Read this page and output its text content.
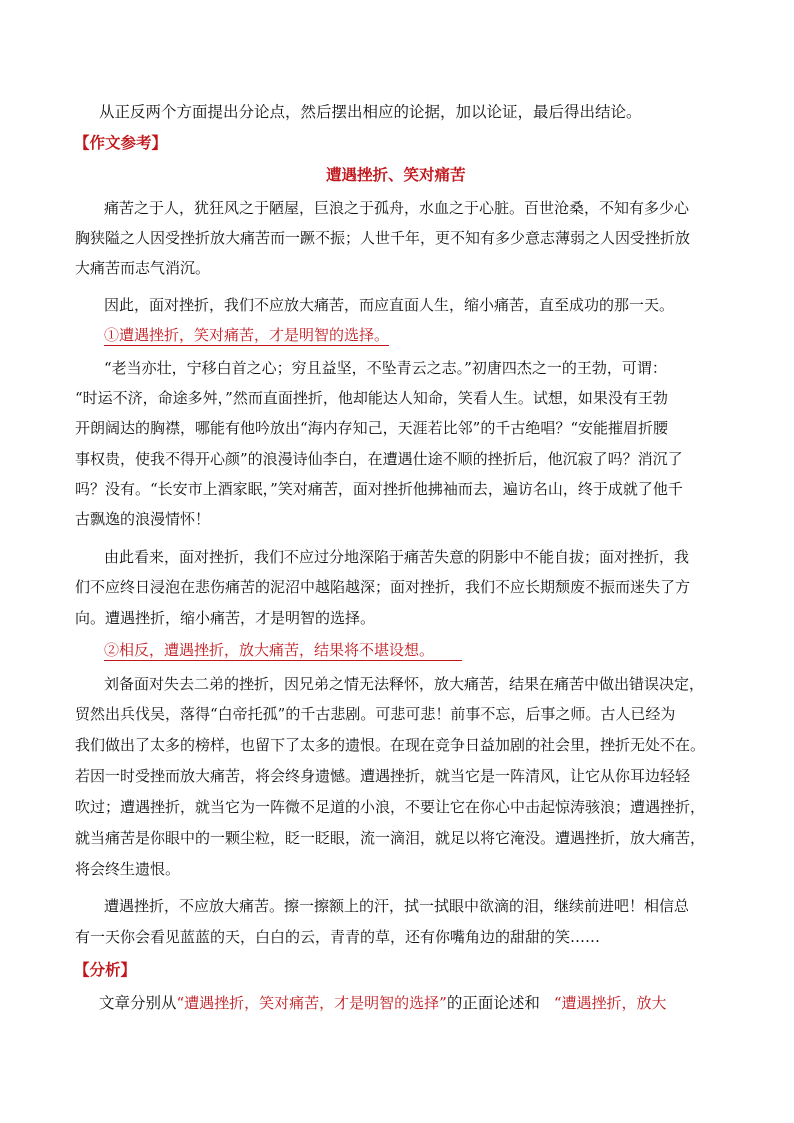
从正反两个方面提出分论点，然后摆出相应的论据，加以论证，最后得出结论。
【作文参考】
遭遇挫折、笑对痛苦
痛苦之于人，犹狂风之于陋屋，巨浪之于孤舟，水血之于心脏。百世沧桑，不知有多少心
胸狭隘之人因受挫折放大痛苦而一蹶不振；人世千年，更不知有多少意志薄弱之人因受挫折放
大痛苦而志气消沉。
因此，面对挫折，我们不应放大痛苦，而应直面人生，缩小痛苦，直至成功的那一天。
①遭遇挫折，笑对痛苦，才是明智的选择。
“老当亦壮，宁移白首之心；穷且益坚，不坠青云之志。”初唐四杰之一的王勃，可谓：
“时运不济，命途多舛，”然而直面挫折，他却能达人知命，笑看人生。试想，如果没有王勃
开朗阔达的胸襟，哪能有他吟放出“海内存知己，天涯若比邻”的千古绝唱？“安能摧眉折腰
事权贵，使我不得开心颜”的浪漫诗仙李白，在遭遇仕途不顺的挫折后，他沉寂了吗？消沉了
吗？没有。“长安市上酒家眠，”笑对痛苦，面对挫折他拂袖而去，遍访名山，终于成就了他千
古飘逸的浪漫情怀！
由此看来，面对挫折，我们不应过分地深陷于痛苦失意的阴影中不能自拔；面对挫折，我
们不应终日浸泡在悲伤痛苦的泥沼中越陷越深；面对挫折，我们不应长期颓废不振而迷失了方
向。遭遇挫折，缩小痛苦，才是明智的选择。
②相反，遭遇挫折，放大痛苦，结果将不堪设想。
刘备面对失去二弟的挫折，因兄弟之情无法释怀，放大痛苦，结果在痛苦中做出错误决定，
贸然出兵伐吴，落得“白帝托孤”的千古悲剧。可悲可悲！前事不忘，后事之师。古人已经为
我们做出了太多的榜样，也留下了太多的遗恨。在现在竞争日益加剧的社会里，挫折无处不在。
若因一时受挫而放大痛苦，将会终身遗憾。遭遇挫折，就当它是一阵清风，让它从你耳边轻轻
吹过；遭遇挫折，就当它为一阵微不足道的小浪，不要让它在你心中击起惊涛骇浪；遭遇挫折，
就当痛苦是你眼中的一颗尘粒，眨一眨眼，流一滴泪，就足以将它淹没。遭遇挫折，放大痛苦，
将会终生遗恨。
遭遇挫折，不应放大痛苦。擦一擦额上的汗，拭一拭眼中欲滴的泪，继续前进吧！相信总
有一天你会看见蓝蓝的天，白白的云，青青的草，还有你嘴角边的甜甜的笑……
【分析】
文章分别从“遭遇挫折，笑对痛苦，才是明智的选择”的正面论述和 “遭遇挫折，放大
